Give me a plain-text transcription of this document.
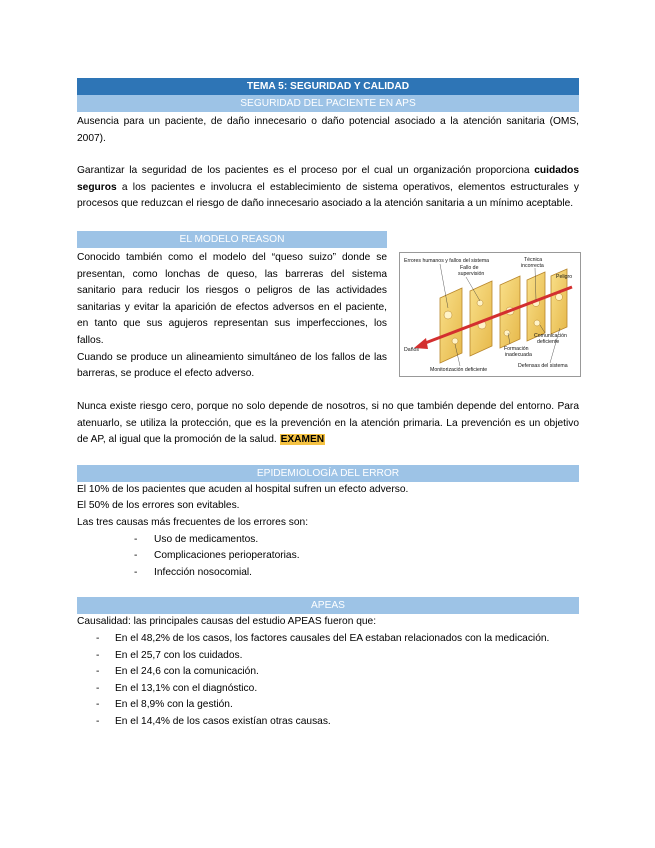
TEMA 5: SEGURIDAD Y CALIDAD
SEGURIDAD DEL PACIENTE EN APS

Ausencia para un paciente, de daño innecesario o daño potencial asociado a la atención sanitaria (OMS, 2007).

Garantizar la seguridad de los pacientes es el proceso por el cual un organización proporciona cuidados seguros a los pacientes e involucra el establecimiento de sistema operativos, elementos estructurales y procesos que reduzcan el riesgo de daño innecesario asociado a la atención sanitaria a un mínimo aceptable.

EL MODELO REASON

Conocido también como el modelo del “queso suizo” donde se presentan, como lonchas de queso, las barreras del sistema sanitario para reducir los riesgos o peligros de las actividades sanitarias y evitar la aparición de efectos adversos en el paciente, en tanto que sus agujeros representan sus imperfecciones, los fallos.

Cuando se produce un alineamiento simultáneo de los fallos de las barreras, se produce el efecto adverso.

Errores humanos y fallos del sistema
Fallo de
supervisión
Técnica
incorrecta
Peligro
Daños
Comunicación
deficiente
Formación
inadecuada
Monitorización deficiente
Defensas del sistema

Nunca existe riesgo cero, porque no solo depende de nosotros, si no que también depende del entorno. Para atenuarlo, se utiliza la protección, que es la prevención en la atención primaria. La prevención es un objetivo de AP, al igual que la promoción de la salud. EXAMEN

EPIDEMIOLOGÍA DEL ERROR

El 10% de los pacientes que acuden al hospital sufren un efecto adverso.

El 50% de los errores son evitables.

Las tres causas más frecuentes de los errores son:

- Uso de medicamentos.
- Complicaciones perioperatorias.
- Infección nosocomial.
APEAS

Causalidad: las principales causas del estudio APEAS fueron que:

- En el 48,2% de los casos, los factores causales del EA estaban relacionados con la medicación.
- En el 25,7 con los cuidados.
- En el 24,6 con la comunicación.
- En el 13,1% con el diagnóstico.
- En el 8,9% con la gestión.
- En el 14,4% de los casos existían otras causas.
